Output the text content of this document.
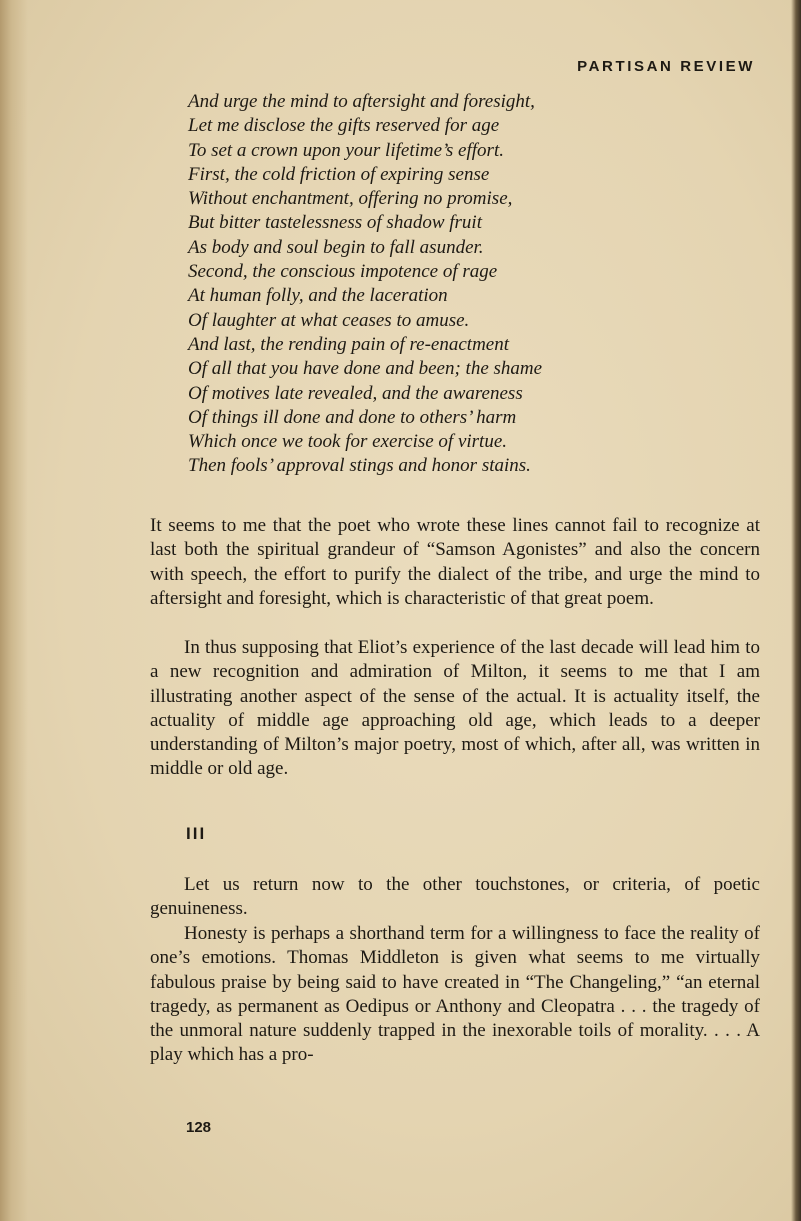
PARTISAN REVIEW
And urge the mind to aftersight and foresight,
Let me disclose the gifts reserved for age
To set a crown upon your lifetime’s effort.
First, the cold friction of expiring sense
Without enchantment, offering no promise,
But bitter tastelessness of shadow fruit
As body and soul begin to fall asunder.
Second, the conscious impotence of rage
At human folly, and the laceration
Of laughter at what ceases to amuse.
And last, the rending pain of re-enactment
Of all that you have done and been; the shame
Of motives late revealed, and the awareness
Of things ill done and done to others’ harm
Which once we took for exercise of virtue.
Then fools’ approval stings and honor stains.

It seems to me that the poet who wrote these lines cannot fail to recognize at last both the spiritual grandeur of “Samson Agonistes” and also the concern with speech, the effort to purify the dialect of the tribe, and urge the mind to aftersight and foresight, which is characteristic of that great poem.

In thus supposing that Eliot’s experience of the last decade will lead him to a new recognition and admiration of Milton, it seems to me that I am illustrating another aspect of the sense of the actual. It is actuality itself, the actuality of middle age approaching old age, which leads to a deeper understanding of Milton’s major poetry, most of which, after all, was written in middle or old age.

III

Let us return now to the other touchstones, or criteria, of poetic genuineness.

Honesty is perhaps a shorthand term for a willingness to face the reality of one’s emotions. Thomas Middleton is given what seems to me virtually fabulous praise by being said to have created in “The Changeling,” “an eternal tragedy, as permanent as Oedipus or Anthony and Cleopatra . . . the tragedy of the unmoral nature suddenly trapped in the inexorable toils of morality. . . . A play which has a pro-

128
